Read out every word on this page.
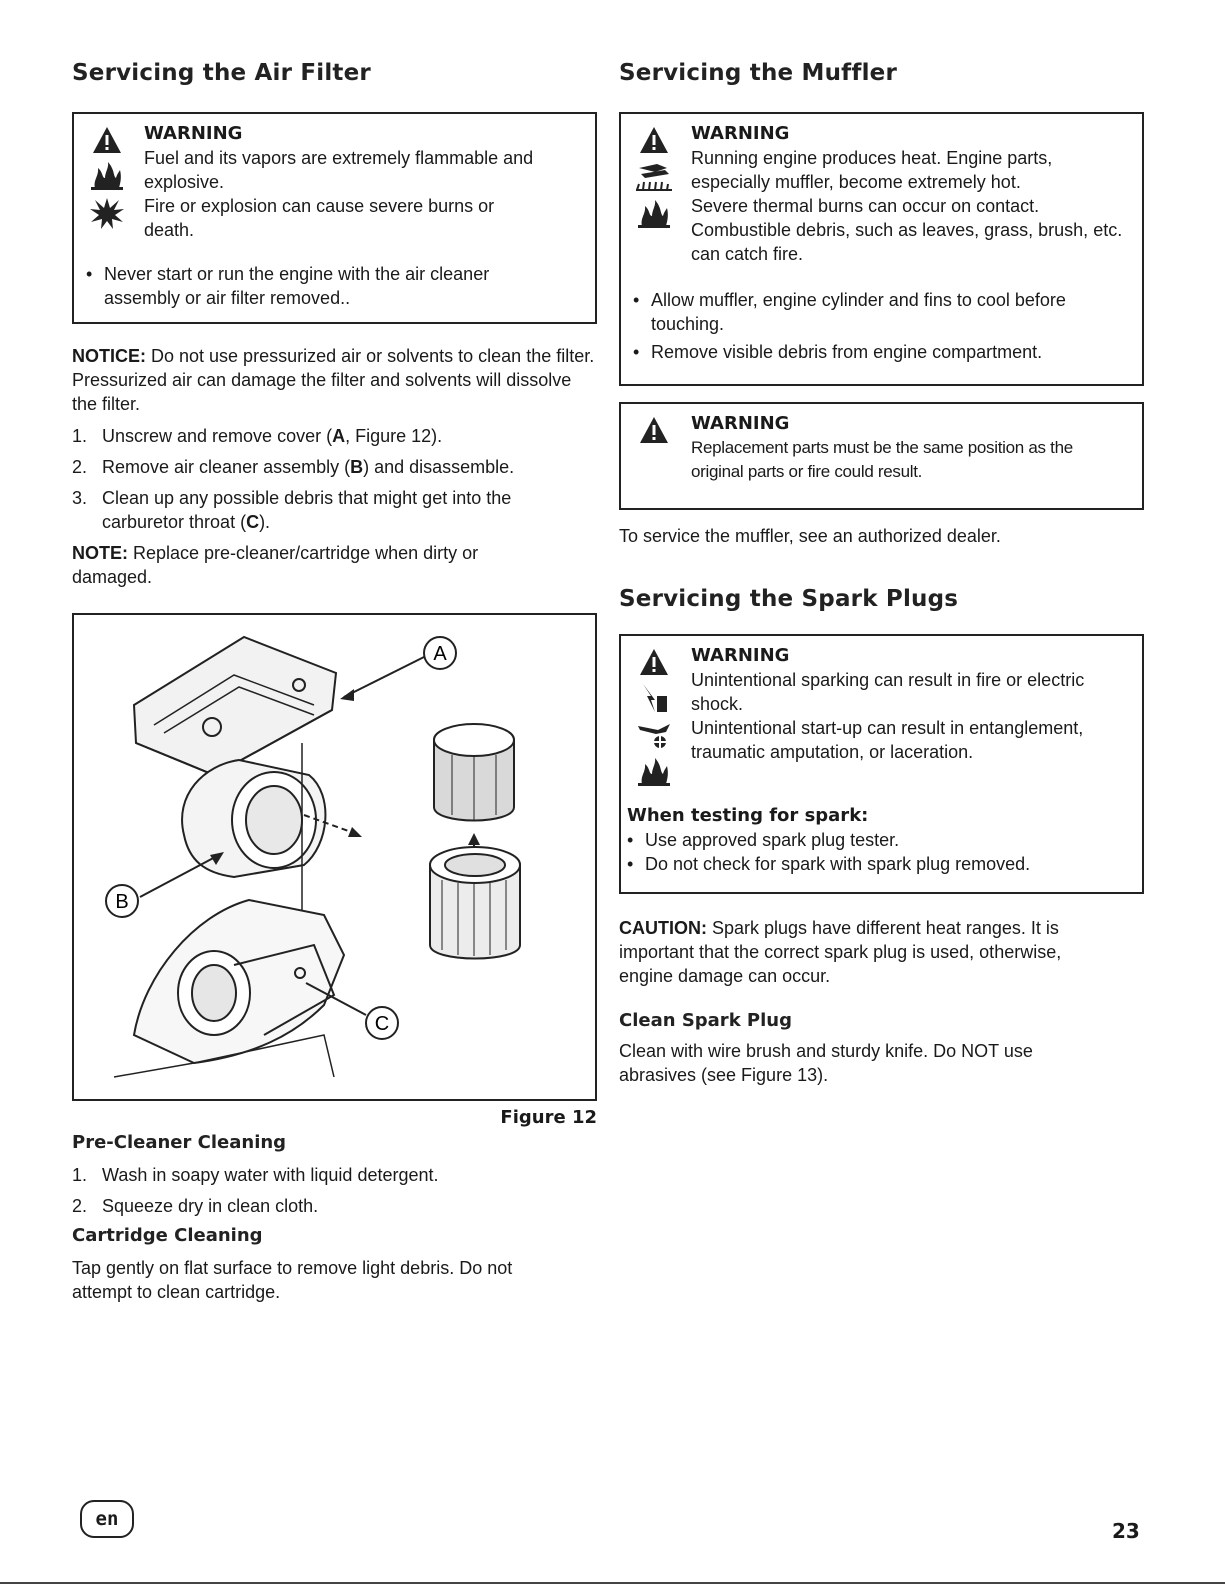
Servicing the Air Filter
WARNING
Fuel and its vapors are extremely flammable and explosive.
Fire or explosion can cause severe burns or death.
• Never start or run the engine with the air cleaner assembly or air filter removed..

NOTICE: Do not use pressurized air or solvents to clean the filter. Pressurized air can damage the filter and solvents will dissolve the filter.

1. Unscrew and remove cover (A, Figure 12).
2. Remove air cleaner assembly (B) and disassemble.
3. Clean up any possible debris that might get into the carburetor throat (C).

NOTE: Replace pre-cleaner/cartridge when dirty or damaged.

A
B
C
Figure 12
Pre-Cleaner Cleaning
1. Wash in soapy water with liquid detergent.
2. Squeeze dry in clean cloth.
Cartridge Cleaning

Tap gently on flat surface to remove light debris. Do not attempt to clean cartridge.

Servicing the Muffler
WARNING
Running engine produces heat. Engine parts, especially muffler, become extremely hot.
Severe thermal burns can occur on contact.
Combustible debris, such as leaves, grass, brush, etc. can catch fire.
• Allow muffler, engine cylinder and fins to cool before touching.
• Remove visible debris from engine compartment.
WARNING
Replacement parts must be the same position as the original parts or fire could result.

To service the muffler, see an authorized dealer.

Servicing the Spark Plugs
WARNING
Unintentional sparking can result in fire or electric shock.
Unintentional start-up can result in entanglement, traumatic amputation, or laceration.
When testing for spark:
• Use approved spark plug tester.
• Do not check for spark with spark plug removed.

CAUTION: Spark plugs have different heat ranges. It is important that the correct spark plug is used, otherwise, engine damage can occur.

Clean Spark Plug

Clean with wire brush and sturdy knife. Do NOT use abrasives (see Figure 13).

en	23
